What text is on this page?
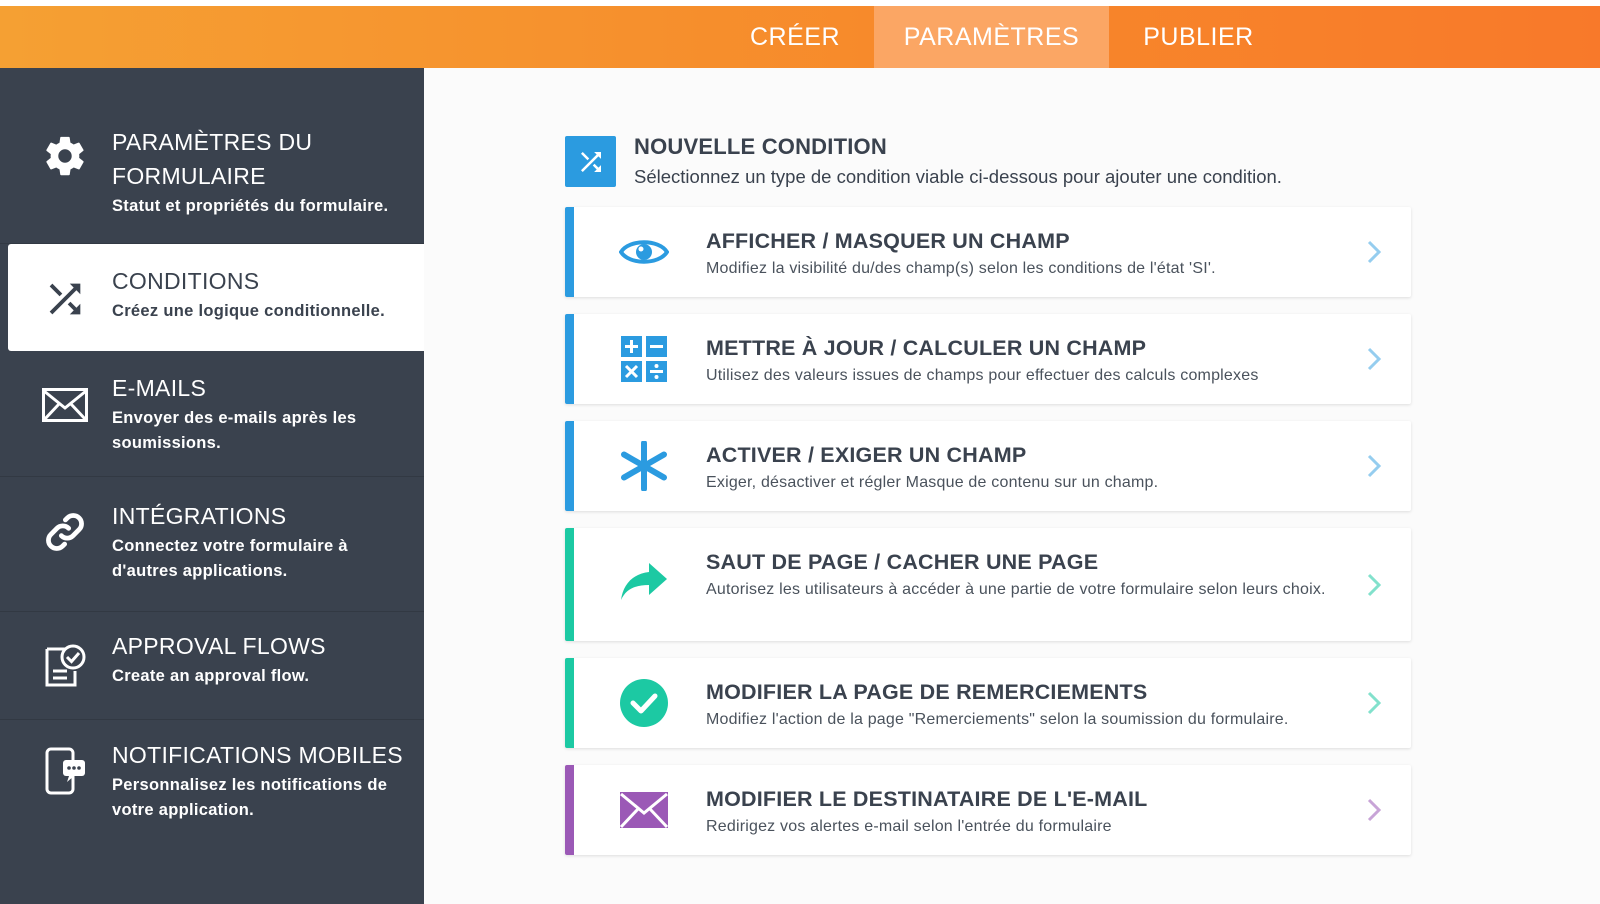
CRÉER	PARAMÈTRES	PUBLIER
PARAMÈTRES DU
FORMULAIRE
Statut et propriétés du formulaire.
CONDITIONS
Créez une logique conditionnelle.
E-MAILS
Envoyer des e-mails après les
soumissions.
INTÉGRATIONS
Connectez votre formulaire à
d'autres applications.
APPROVAL FLOWS
Create an approval flow.
NOTIFICATIONS MOBILES
Personnalisez les notifications de
votre application.
NOUVELLE CONDITION
Sélectionnez un type de condition viable ci-dessous pour ajouter une condition.
AFFICHER / MASQUER UN CHAMP
Modifiez la visibilité du/des champ(s) selon les conditions de l'état 'SI'.
METTRE À JOUR / CALCULER UN CHAMP
Utilisez des valeurs issues de champs pour effectuer des calculs complexes
ACTIVER / EXIGER UN CHAMP
Exiger, désactiver et régler Masque de contenu sur un champ.
SAUT DE PAGE / CACHER UNE PAGE
Autorisez les utilisateurs à accéder à une partie de votre formulaire selon leurs choix.
MODIFIER LA PAGE DE REMERCIEMENTS
Modifiez l'action de la page "Remerciements" selon la soumission du formulaire.
MODIFIER LE DESTINATAIRE DE L'E-MAIL
Redirigez vos alertes e-mail selon l'entrée du formulaire
